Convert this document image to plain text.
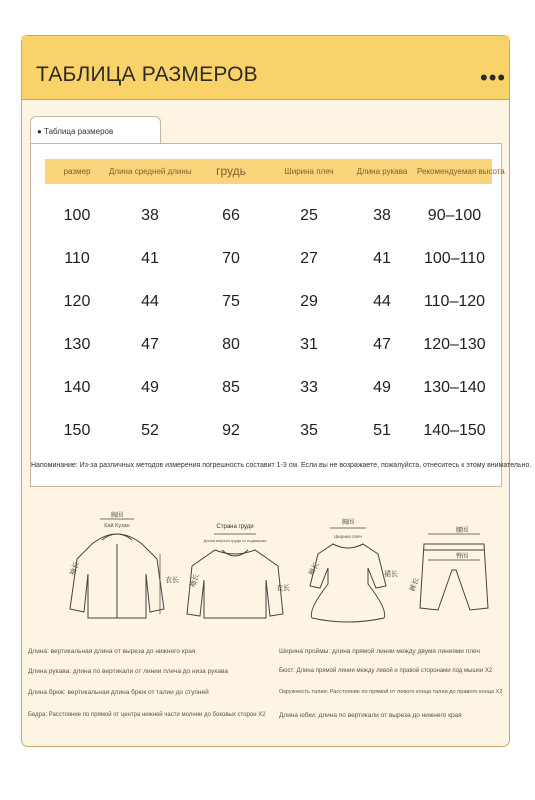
ТАБЛИЦА РАЗМЕРОВ	•••
● Таблица размеров
размер	Длина средней длины	грудь	Ширина плеч	Длина рукава	Рекомендуемая высота
100	38	66	25	38	90–100
110	41	70	27	41	100–110
120	44	75	29	44	110–120
130	47	80	31	47	120–130
140	49	85	33	49	130–140
150	52	92	35	51	140–150
Напоминание: Из-за различных методов измерения погрешность составит 1-3 см. Если вы не возражаете, пожалуйста, отнеситесь к этому внимательно.
胸围
Кай Кузан
袖长
衣长
Страна груди
Длина выреза груди от подмышки
袖长	衣长
胸围
Ширина плеч
袖长	裙长
腰围
臀围
裤长
Длина: вертикальная длина от выреза до нижнего края
Длина рукава: длина по вертикали от линии плеча до низа рукава
Длина брюк: вертикальная длина брюк от талии до ступней
Бедра: Расстояние по прямой от центра нижней части молнии до боковых сторон X2
Ширина проймы: длина прямой линии между двумя линиями плеч
Бюст: Длина прямой линии между левой и правой сторонами под мышки X2
Окружность талии: Расстояние по прямой от левого конца талии до правого конца X2
Длина юбки: длина по вертикали от выреза до нижнего края
